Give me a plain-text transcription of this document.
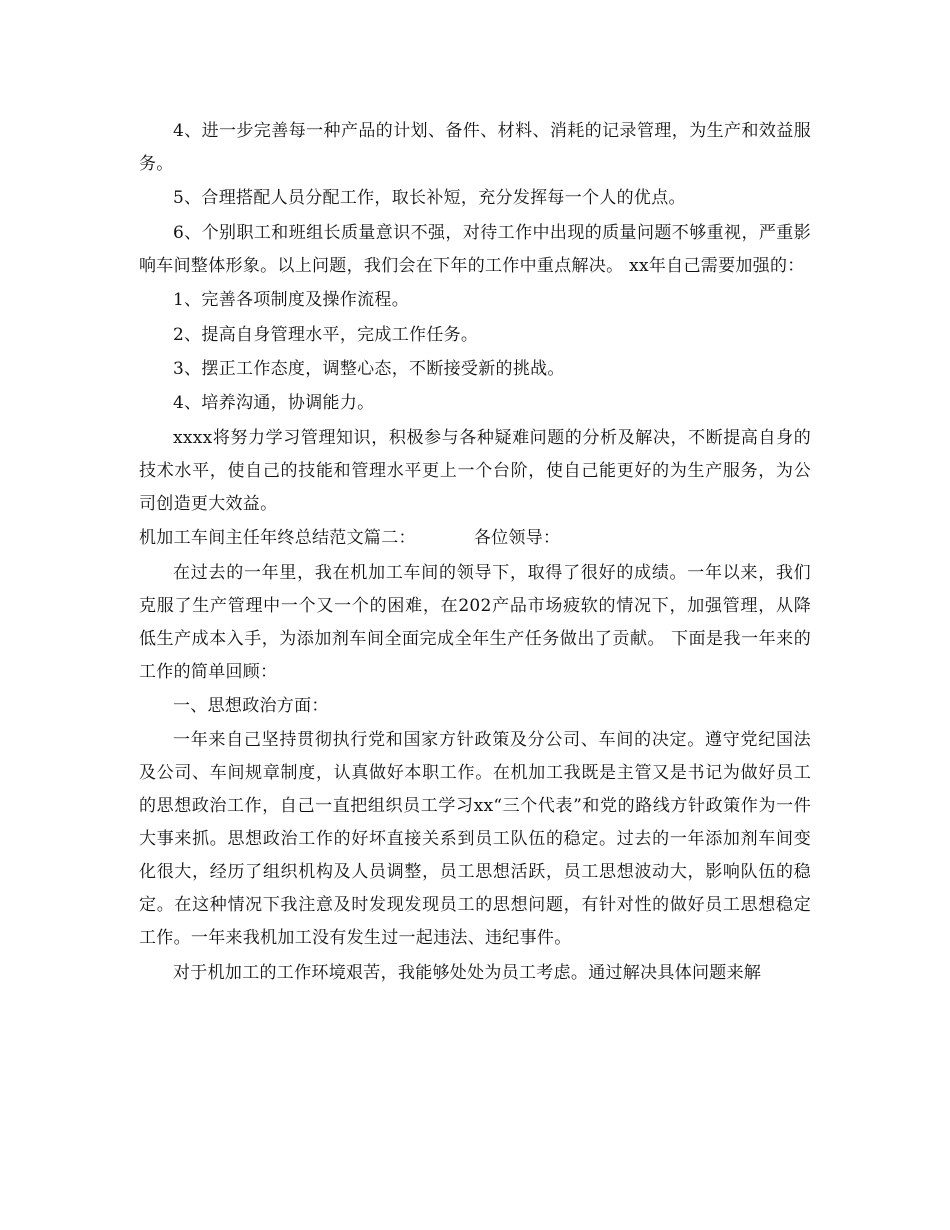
4、进一步完善每一种产品的计划、备件、材料、消耗的记录管理，为生产和效益服务。

5、合理搭配人员分配工作，取长补短，充分发挥每一个人的优点。

6、个别职工和班组长质量意识不强，对待工作中出现的质量问题不够重视，严重影响车间整体形象。以上问题，我们会在下年的工作中重点解决。 xx年自己需要加强的：

1、完善各项制度及操作流程。

2、提高自身管理水平，完成工作任务。

3、摆正工作态度，调整心态，不断接受新的挑战。

4、培养沟通，协调能力。

xxxx将努力学习管理知识，积极参与各种疑难问题的分析及解决，不断提高自身的技术水平，使自己的技能和管理水平更上一个台阶，使自己能更好的为生产服务，为公司创造更大效益。

机加工车间主任年终总结范文篇二：	各位领导：

在过去的一年里，我在机加工车间的领导下，取得了很好的成绩。一年以来，我们克服了生产管理中一个又一个的困难，在202产品市场疲软的情况下，加强管理，从降低生产成本入手，为添加剂车间全面完成全年生产任务做出了贡献。 下面是我一年来的工作的简单回顾：

一、思想政治方面：

一年来自己坚持贯彻执行党和国家方针政策及分公司、车间的决定。遵守党纪国法及公司、车间规章制度，认真做好本职工作。在机加工我既是主管又是书记为做好员工的思想政治工作，自己一直把组织员工学习xx“三个代表”和党的路线方针政策作为一件大事来抓。思想政治工作的好坏直接关系到员工队伍的稳定。过去的一年添加剂车间变化很大，经历了组织机构及人员调整，员工思想活跃，员工思想波动大，影响队伍的稳定。在这种情况下我注意及时发现发现员工的思想问题，有针对性的做好员工思想稳定工作。一年来我机加工没有发生过一起违法、违纪事件。

对于机加工的工作环境艰苦，我能够处处为员工考虑。通过解决具体问题来解
